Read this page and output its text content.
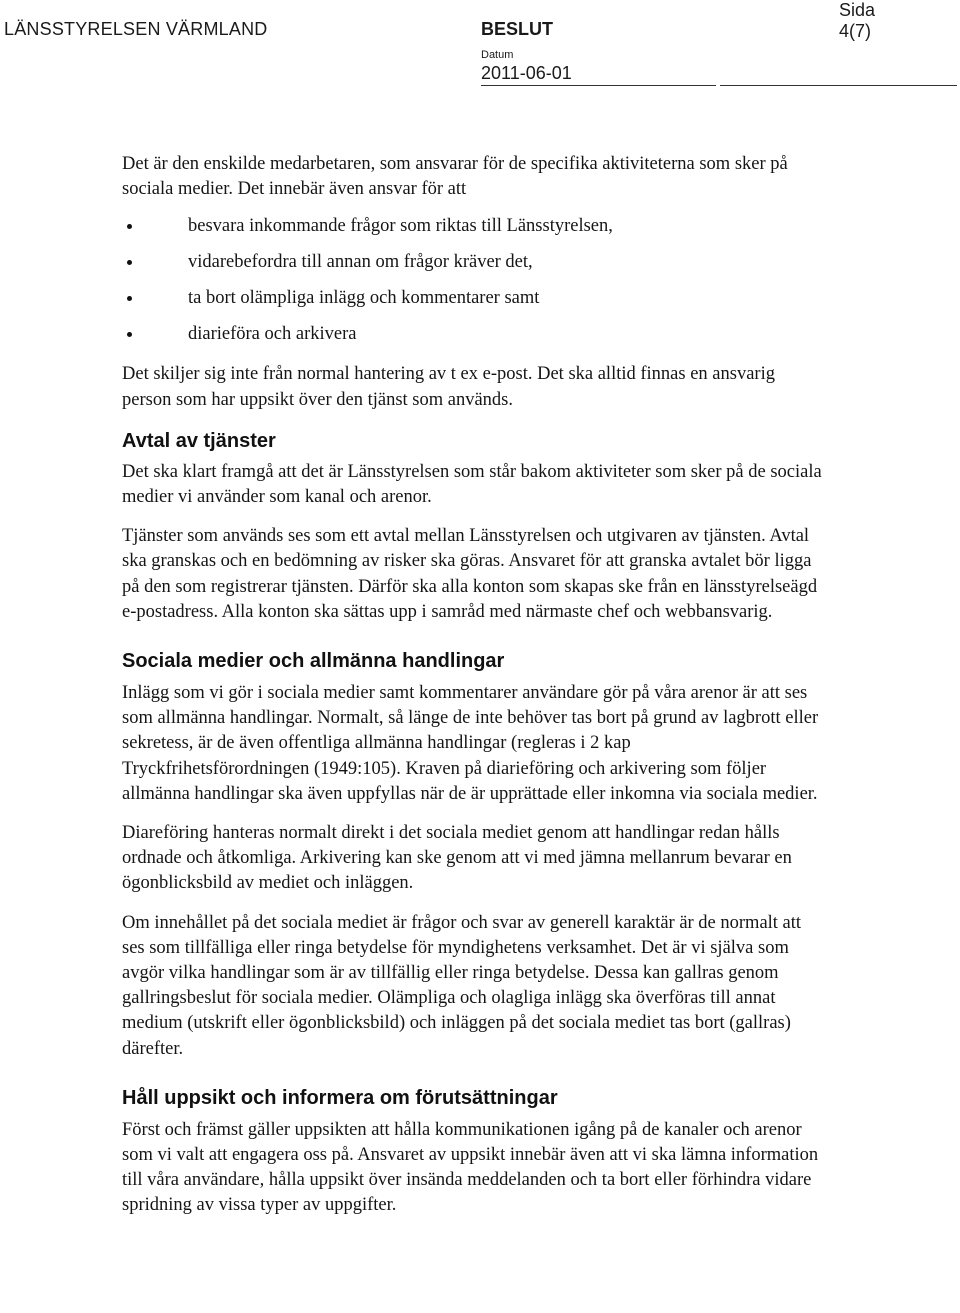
LÄNSSTYRELSEN VÄRMLAND	BESLUT
Datum
2011-06-01
Sida
4(7)

Det är den enskilde medarbetaren, som ansvarar för de specifika aktiviteterna som sker på sociala medier. Det innebär även ansvar för att

besvara inkommande frågor som riktas till Länsstyrelsen,
vidarebefordra till annan om frågor kräver det,
ta bort olämpliga inlägg och kommentarer samt
diarieföra och arkivera

Det skiljer sig inte från normal hantering av t ex e-post. Det ska alltid finnas en ansvarig person som har uppsikt över den tjänst som används.

Avtal av tjänster

Det ska klart framgå att det är Länsstyrelsen som står bakom aktiviteter som sker på de sociala medier vi använder som kanal och arenor.

Tjänster som används ses som ett avtal mellan Länsstyrelsen och utgivaren av tjänsten. Avtal ska granskas och en bedömning av risker ska göras. Ansvaret för att granska avtalet bör ligga på den som registrerar tjänsten. Därför ska alla konton som skapas ske från en länsstyrelseägd e-postadress. Alla konton ska sättas upp i samråd med närmaste chef och webbansvarig.

Sociala medier och allmänna handlingar

Inlägg som vi gör i sociala medier samt kommentarer användare gör på våra arenor är att ses som allmänna handlingar. Normalt, så länge de inte behöver tas bort på grund av lagbrott eller sekretess, är de även offentliga allmänna handlingar (regleras i 2 kap Tryckfrihetsförordningen (1949:105). Kraven på diarieföring och arkivering som följer allmänna handlingar ska även uppfyllas när de är upprättade eller inkomna via sociala medier.

Diareföring hanteras normalt direkt i det sociala mediet genom att handlingar redan hålls ordnade och åtkomliga. Arkivering kan ske genom att vi med jämna mellanrum bevarar en ögonblicksbild av mediet och inläggen.

Om innehållet på det sociala mediet är frågor och svar av generell karaktär är de normalt att ses som tillfälliga eller ringa betydelse för myndighetens verksamhet. Det är vi själva som avgör vilka handlingar som är av tillfällig eller ringa betydelse. Dessa kan gallras genom gallringsbeslut för sociala medier. Olämpliga och olagliga inlägg ska överföras till annat medium (utskrift eller ögonblicksbild) och inläggen på det sociala mediet tas bort (gallras) därefter.

Håll uppsikt och informera om förutsättningar

Först och främst gäller uppsikten att hålla kommunikationen igång på de kanaler och arenor som vi valt att engagera oss på. Ansvaret av uppsikt innebär även att vi ska lämna information till våra användare, hålla uppsikt över insända meddelanden och ta bort eller förhindra vidare spridning av vissa typer av uppgifter.
